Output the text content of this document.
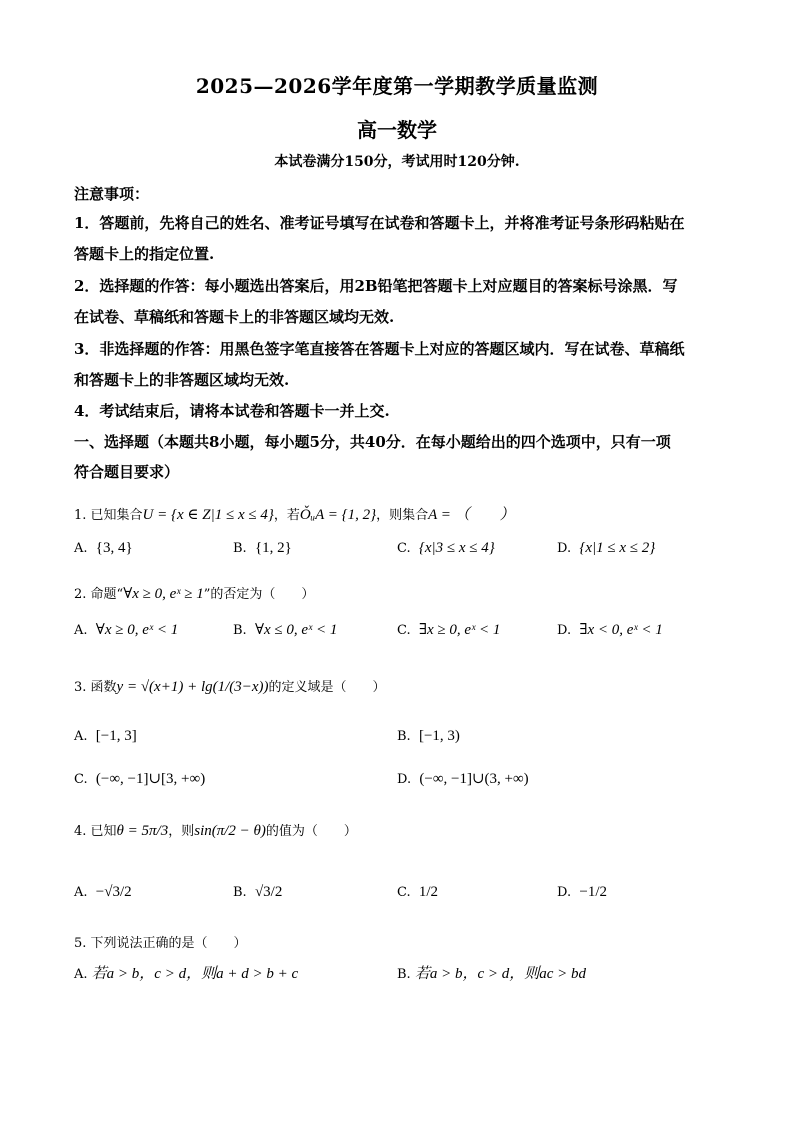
2025—2026学年度第一学期教学质量监测
高一数学
本试卷满分150分，考试用时120分钟.
注意事项：
1．答题前，先将自己的姓名、准考证号填写在试卷和答题卡上，并将准考证号条形码粘贴在
答题卡上的指定位置.
2．选择题的作答：每小题选出答案后，用2B铅笔把答题卡上对应题目的答案标号涂黑．写
在试卷、草稿纸和答题卡上的非答题区域均无效.
3．非选择题的作答：用黑色签字笔直接答在答题卡上对应的答题区域内．写在试卷、草稿纸
和答题卡上的非答题区域均无效.
4．考试结束后，请将本试卷和答题卡一并上交.
一、选择题（本题共8小题，每小题5分，共40分．在每小题给出的四个选项中，只有一项
符合题目要求）
1. 已知集合U = {x ∈ Z|1 ≤ x ≤ 4}，若ǑᵤA = {1, 2}，则集合A = （　　）
A. {3, 4}	B. {1, 2}	C. {x|3 ≤ x ≤ 4}	D. {x|1 ≤ x ≤ 2}
2. 命题“∀x ≥ 0, eˣ ≥ 1”的否定为（　　）
A. ∀x ≥ 0, eˣ < 1	B. ∀x ≤ 0, eˣ < 1	C. ∃x ≥ 0, eˣ < 1	D. ∃x < 0, eˣ < 1
3. 函数y = √(x+1) + lg(1/(3−x))的定义域是（　　）
A. [−1, 3]	B. [−1, 3)
C. (−∞, −1]∪[3, +∞)	D. (−∞, −1]∪(3, +∞)
4. 已知θ = 5π/3，则sin(π/2 − θ)的值为（　　）
A. −√3/2	B. √3/2	C. 1/2	D. −1/2
5. 下列说法正确的是（　　）
A. 若a > b，c > d，则a + d > b + c	B. 若a > b，c > d，则ac > bd
